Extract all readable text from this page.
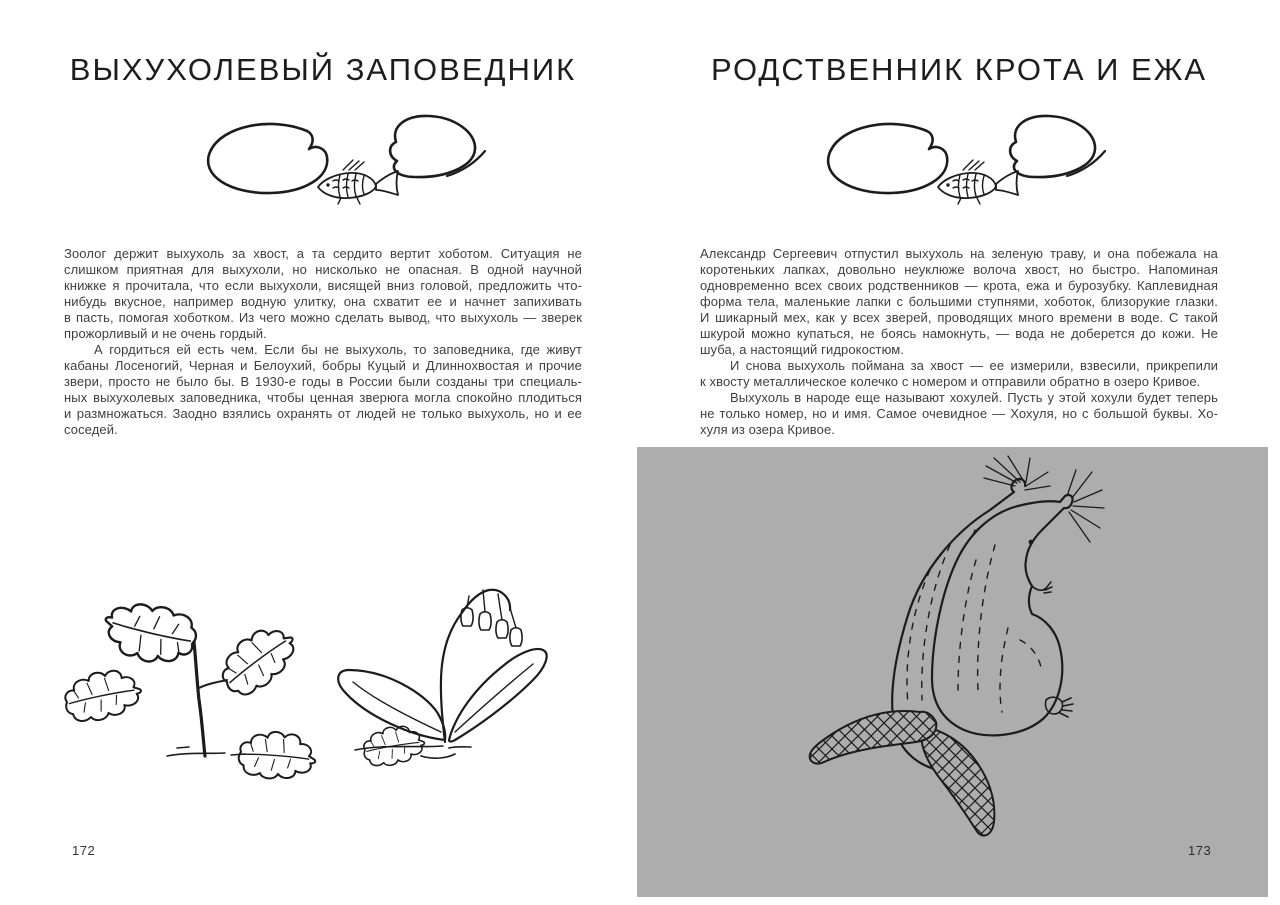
ВЫХУХОЛЕВЫЙ ЗАПОВЕДНИК
Зоолог держит выхухоль за хвост, а та сердито вертит хоботом. Ситуация не
слишком приятная для выхухоли, но нисколько не опасная. В одной научной
книжке я прочитала, что если выхухоли, висящей вниз головой, предложить что-
нибудь вкусное, например водную улитку, она схватит ее и начнет запихивать
в пасть, помогая хоботком. Из чего можно сделать вывод, что выхухоль — зверек
прожорливый и не очень гордый.
А гордиться ей есть чем. Если бы не выхухоль, то заповедника, где живут
кабаны Лосеногий, Черная и Белоухий, бобры Куцый и Длиннохвостая и прочие
звери, просто не было бы. В 1930-е годы в России были созданы три специаль-
ных выхухолевых заповедника, чтобы ценная зверюга могла спокойно плодиться
и размножаться. Заодно взялись охранять от людей не только выхухоль, но и ее
соседей.
172
РОДСТВЕННИК КРОТА И ЕЖА
Александр Сергеевич отпустил выхухоль на зеленую траву, и она побежала на
коротеньких лапках, довольно неуклюже волоча хвост, но быстро. Напоминая
одновременно всех своих родственников — крота, ежа и бурозубку. Каплевидная
форма тела, маленькие лапки с большими ступнями, хоботок, близорукие глазки.
И шикарный мех, как у всех зверей, проводящих много времени в воде. С такой
шкурой можно купаться, не боясь намокнуть, — вода не доберется до кожи. Не
шуба, а настоящий гидрокостюм.
И снова выхухоль поймана за хвост — ее измерили, взвесили, прикрепили
к хвосту металлическое колечко с номером и отправили обратно в озеро Кривое.
Выхухоль в народе еще называют хохулей. Пусть у этой хохули будет теперь
не только номер, но и имя. Самое очевидное — Хохуля, но с большой буквы. Хо-
хуля из озера Кривое.
173
